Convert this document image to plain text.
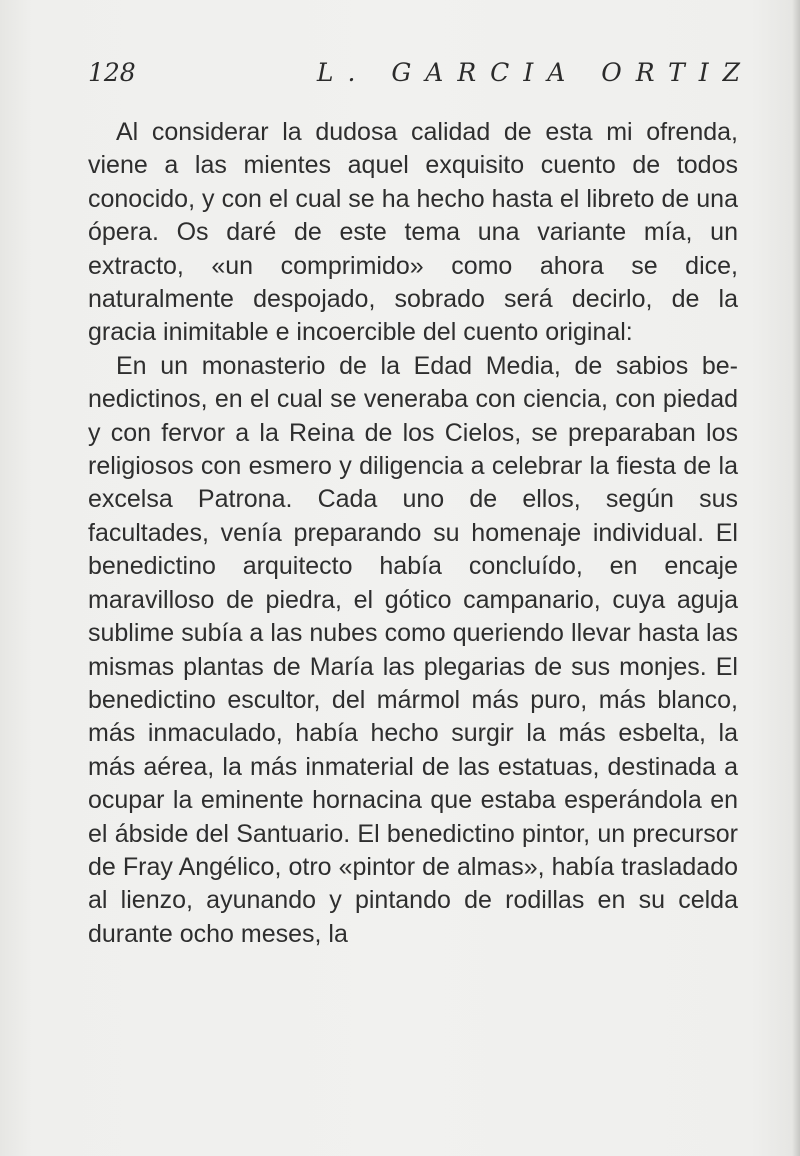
128	L. GARCIA ORTIZ

Al considerar la dudosa calidad de esta mi ofrenda, viene a las mientes aquel exquisito cuento de todos conocido, y con el cual se ha hecho hasta el libreto de una ópera. Os daré de este tema una variante mía, un extracto, «un comprimido» como ahora se dice, naturalmente despojado, sobrado será decirlo, de la gracia inimitable e incoercible del cuento original:

En un monasterio de la Edad Media, de sabios benedictinos, en el cual se veneraba con ciencia, con piedad y con fervor a la Reina de los Cielos, se preparaban los religiosos con esmero y diligencia a celebrar la fiesta de la excelsa Patrona. Cada uno de ellos, según sus facultades, venía preparando su homenaje individual. El benedictino arquitecto había concluído, en encaje maravilloso de piedra, el gótico campanario, cuya aguja sublime subía a las nubes como queriendo llevar hasta las mismas plantas de María las plegarias de sus monjes. El benedictino escultor, del mármol más puro, más blanco, más inmaculado, había hecho surgir la más esbelta, la más aérea, la más inmaterial de las estatuas, destinada a ocupar la eminente hornacina que estaba esperándola en el ábside del Santuario. El benedictino pintor, un precursor de Fray Angélico, otro «pintor de almas», había trasladado al lienzo, ayunando y pintando de rodillas en su celda durante ocho meses, la
